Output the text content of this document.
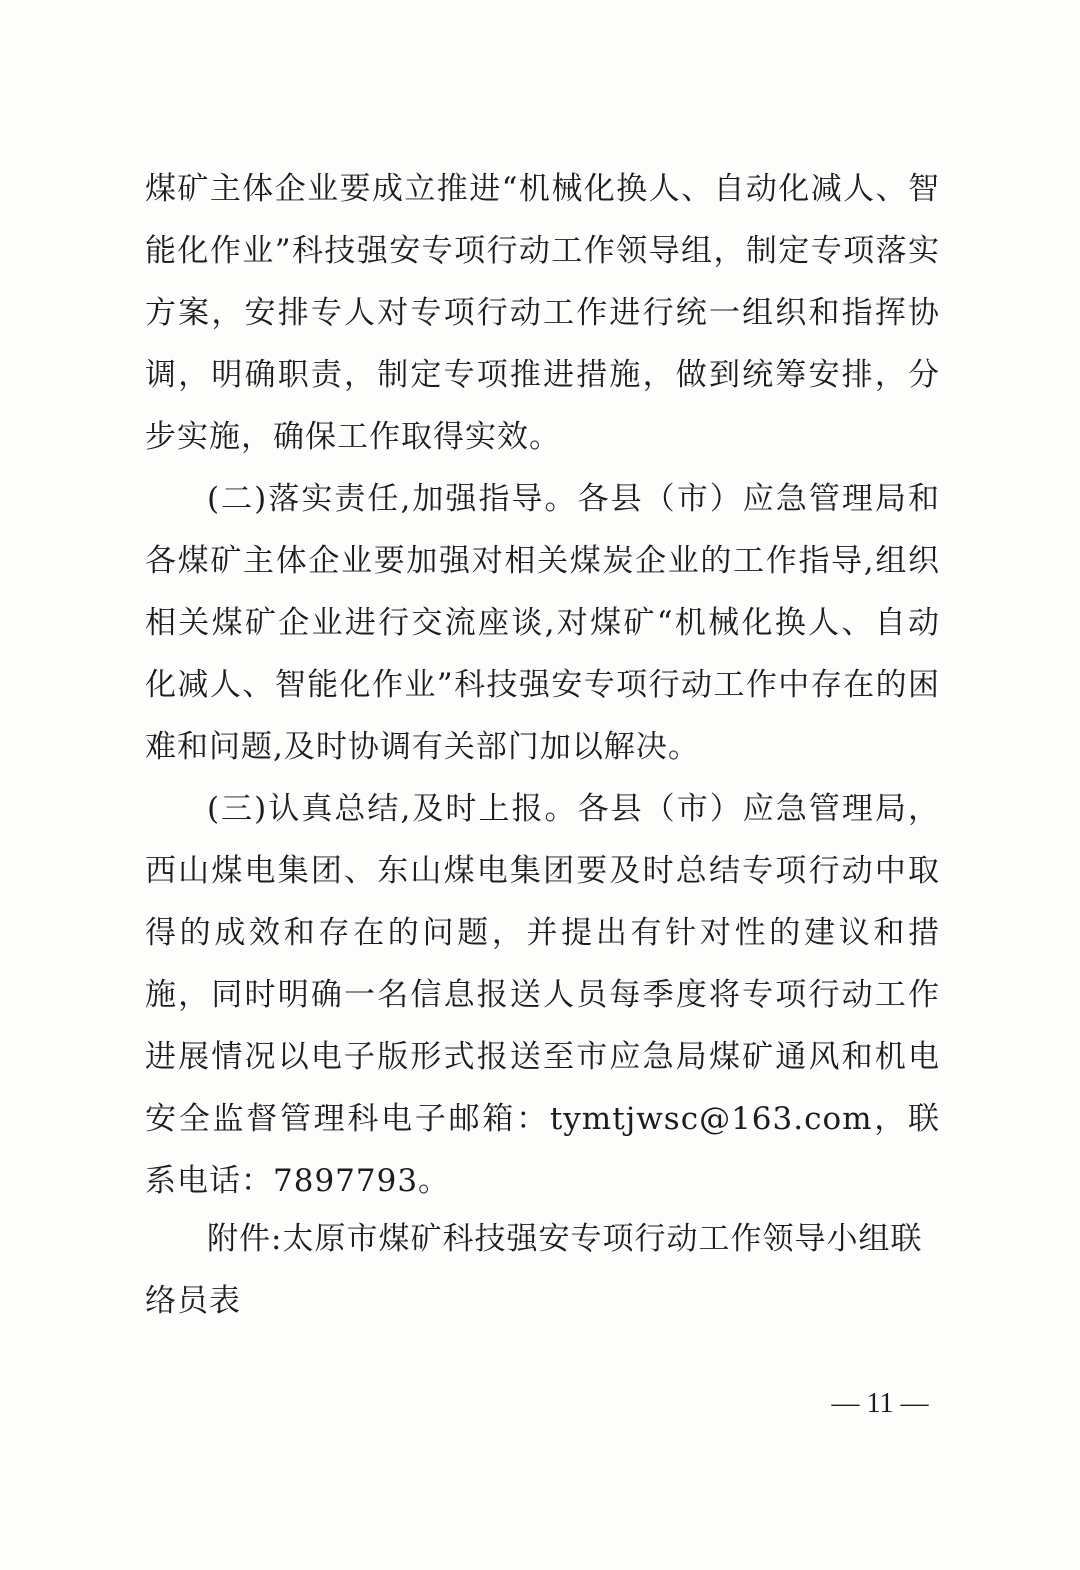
煤矿主体企业要成立推进“机械化换人、自动化减人、智能化作业”科技强安专项行动工作领导组，制定专项落实方案，安排专人对专项行动工作进行统一组织和指挥协调，明确职责，制定专项推进措施，做到统筹安排，分步实施，确保工作取得实效。

(二)落实责任,加强指导。各县（市）应急管理局和各煤矿主体企业要加强对相关煤炭企业的工作指导,组织相关煤矿企业进行交流座谈,对煤矿“机械化换人、自动化减人、智能化作业”科技强安专项行动工作中存在的困难和问题,及时协调有关部门加以解决。

(三)认真总结,及时上报。各县（市）应急管理局，西山煤电集团、东山煤电集团要及时总结专项行动中取得的成效和存在的问题，并提出有针对性的建议和措施，同时明确一名信息报送人员每季度将专项行动工作进展情况以电子版形式报送至市应急局煤矿通风和机电安全监督管理科电子邮箱：tymtjwsc@163.com，联系电话：7897793。

附件:太原市煤矿科技强安专项行动工作领导小组联络员表

— 11 —
